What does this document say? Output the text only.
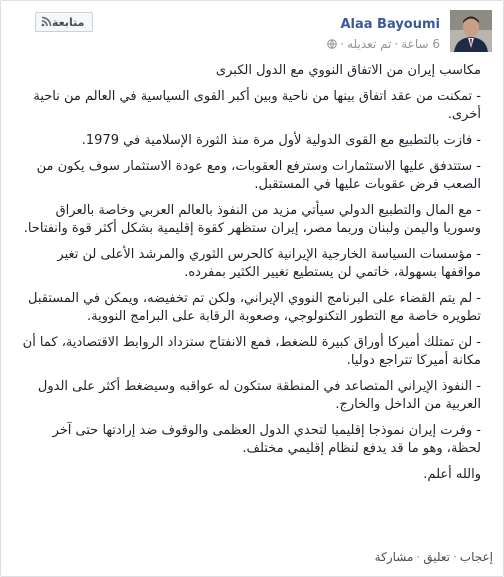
Alaa Bayoumi
6 ساعة·تم تعديله·
متابعة

مكاسب إيران من الاتفاق النووي مع الدول الكبرى

- تمكنت من عقد اتفاق بينها من ناحية وبين أكبر القوى السياسية في العالم من ناحية أخرى.

- فازت بالتطبيع مع القوى الدولية لأول مرة منذ الثورة الإسلامية في 1979.

- ستتدفق عليها الاستثمارات وسترفع العقوبات، ومع عودة الاستثمار سوف يكون من الصعب فرض عقوبات عليها في المستقبل.

- مع المال والتطبيع الدولي سيأتي مزيد من النفوذ بالعالم العربي وخاصة بالعراق وسوريا واليمن ولبنان وربما مصر، إيران ستظهر كقوة إقليمية بشكل أكثر قوة وانفتاحا.

- مؤسسات السياسة الخارجية الإيرانية كالحرس الثوري والمرشد الأعلى لن تغير مواقفها بسهولة، خاتمي لن يستطيع تغيير الكثير بمفرده.

- لم يتم القضاء على البرنامج النووي الإيراني، ولكن تم تخفيضه، ويمكن في المستقبل تطويره خاصة مع التطور التكنولوجي، وصعوبة الرقابة على البرامج النووية.

- لن تمتلك أميركا أوراق كبيرة للضغط، فمع الانفتاح ستزداد الروابط الاقتصادية، كما أن مكانة أميركا تتراجع دوليا.

- النفوذ الإيراني المتصاعد في المنطقة ستكون له عواقبه وسيضغط أكثر على الدول العربية من الداخل والخارج.

- وفرت إيران نموذجا إقليميا لتحدي الدول العظمى والوقوف ضد إرادتها حتى آخر لحظة، وهو ما قد يدفع لنظام إقليمي مختلف.

والله أعلم.

إعجاب·تعليق·مشاركة
